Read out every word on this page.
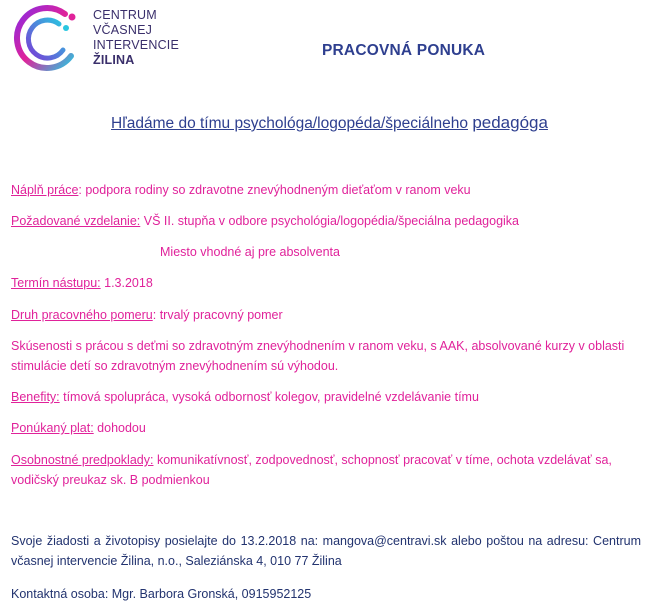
CENTRUM
VČASNEJ
INTERVENCIE
ŽILINA
PRACOVNÁ PONUKA
Hľadáme do tímu psychológa/logopéda/špeciálneho pedagóga
Náplň práce: podpora rodiny so zdravotne znevýhodneným dieťaťom v ranom veku
Požadované vzdelanie: VŠ II. stupňa v odbore psychológia/logopédia/špeciálna pedagogika
Miesto vhodné aj pre absolventa
Termín nástupu: 1.3.2018
Druh pracovného pomeru: trvalý pracovný pomer
Skúsenosti s prácou s deťmi so zdravotným znevýhodnením v ranom veku, s AAK, absolvované kurzy v oblasti stimulácie detí so zdravotným znevýhodnením sú výhodou.
Benefity: tímová spolupráca, vysoká odbornosť kolegov, pravidelné vzdelávanie tímu
Ponúkaný plat: dohodou
Osobnostné predpoklady: komunikatívnosť, zodpovednosť, schopnosť pracovať v tíme, ochota vzdelávať sa, vodičský preukaz sk. B podmienkou
Svoje žiadosti a životopisy posielajte do 13.2.2018 na: mangova@centravi.sk alebo poštou na adresu: Centrum včasnej intervencie Žilina, n.o., Saleziánska 4, 010 77 Žilina
Kontaktná osoba: Mgr. Barbora Gronská, 0915952125
